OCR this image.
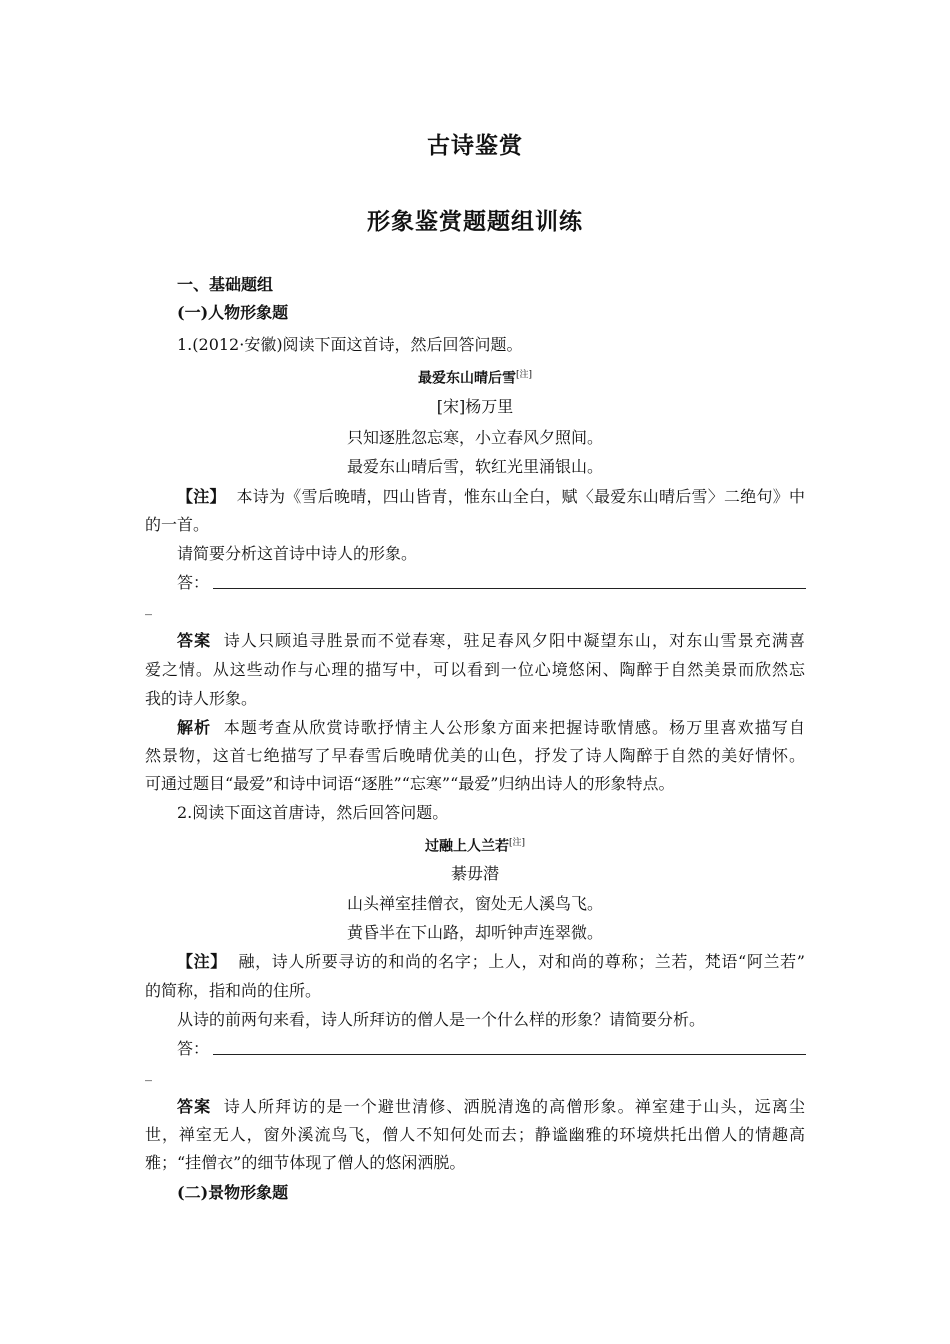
古诗鉴赏
形象鉴赏题题组训练
一、基础题组
(一)人物形象题
1.(2012·安徽)阅读下面这首诗，然后回答问题。
最爱东山晴后雪[注]
[宋]杨万里
只知逐胜忽忘寒，小立春风夕照间。
最爱东山晴后雪，软红光里涌银山。
【注】 本诗为《雪后晚晴，四山皆青，惟东山全白，赋〈最爱东山晴后雪〉二绝句》中
的一首。
请简要分析这首诗中诗人的形象。
答：
_
答案 诗人只顾追寻胜景而不觉春寒，驻足春风夕阳中凝望东山，对东山雪景充满喜
爱之情。从这些动作与心理的描写中，可以看到一位心境悠闲、陶醉于自然美景而欣然忘
我的诗人形象。
解析 本题考查从欣赏诗歌抒情主人公形象方面来把握诗歌情感。杨万里喜欢描写自
然景物，这首七绝描写了早春雪后晚晴优美的山色，抒发了诗人陶醉于自然的美好情怀。
可通过题目“最爱”和诗中词语“逐胜”“忘寒”“最爱”归纳出诗人的形象特点。
2.阅读下面这首唐诗，然后回答问题。
过融上人兰若[注]
綦毋潜
山头禅室挂僧衣，窗处无人溪鸟飞。
黄昏半在下山路，却听钟声连翠微。
【注】 融，诗人所要寻访的和尚的名字；上人，对和尚的尊称；兰若，梵语“阿兰若”
的简称，指和尚的住所。
从诗的前两句来看，诗人所拜访的僧人是一个什么样的形象？请简要分析。
答：
_
答案 诗人所拜访的是一个避世清修、洒脱清逸的高僧形象。禅室建于山头，远离尘
世，禅室无人，窗外溪流鸟飞，僧人不知何处而去；静谧幽雅的环境烘托出僧人的情趣高
雅；“挂僧衣”的细节体现了僧人的悠闲洒脱。
(二)景物形象题
